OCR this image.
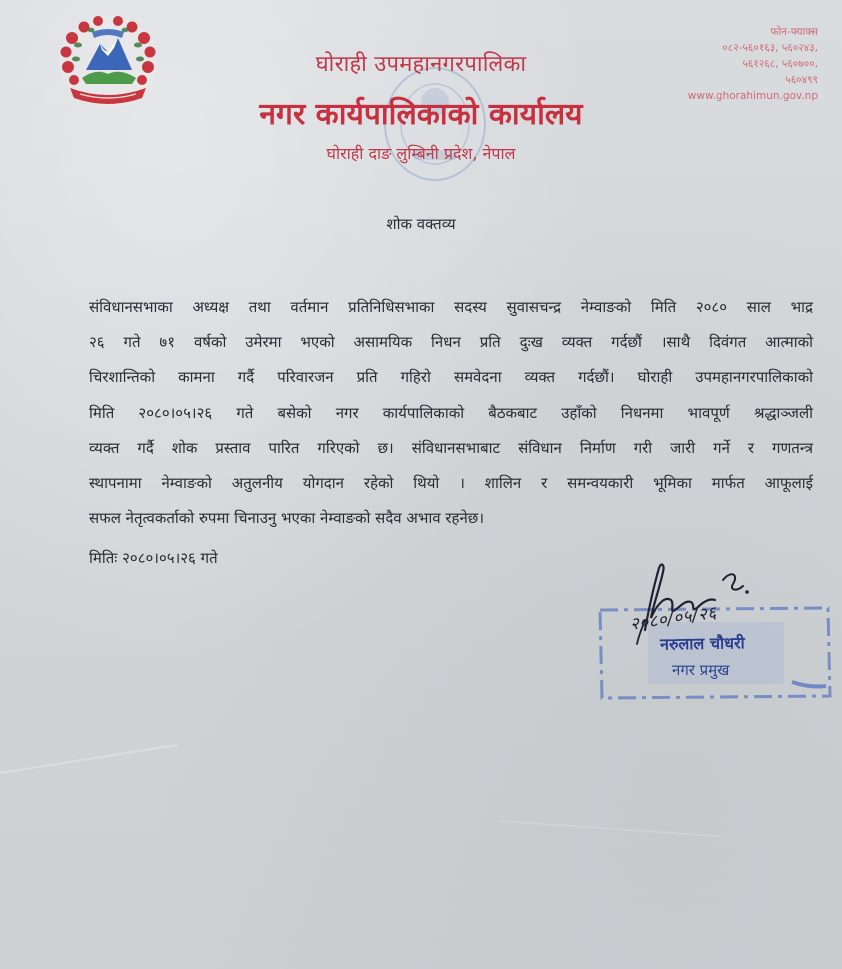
घोराही उपमहानगरपालिका
नगर कार्यपालिकाको कार्यालय
घोराही दाङ लुम्बिनी प्रदेश, नेपाल
फोन-फ्याक्स
०८२-५६०१६३, ५६०२४३,
५६१२६८, ५६०७००,
५६०४९९
www.ghorahimun.gov.np
शोक वक्तव्य
संविधानसभाका अध्यक्ष तथा वर्तमान प्रतिनिधिसभाका सदस्य सुवासचन्द्र नेम्वाङको मिति २०८० साल भाद्र
२६ गते ७१ वर्षको उमेरमा भएको असामयिक निधन प्रति दुःख व्यक्त गर्दछौं ।साथै दिवंगत आत्माको
चिरशान्तिको कामना गर्दै परिवारजन प्रति गहिरो समवेदना व्यक्त गर्दछौं। घोराही उपमहानगरपालिकाको
मिति २०८०।०५।२६ गते बसेको नगर कार्यपालिकाको बैठकबाट उहाँको निधनमा भावपूर्ण श्रद्धाञ्जली
व्यक्त गर्दै शोक प्रस्ताव पारित गरिएको छ। संविधानसभाबाट संविधान निर्माण गरी जारी गर्ने र गणतन्त्र
स्थापनामा नेम्वाङको अतुलनीय योगदान रहेको थियो । शालिन र समन्वयकारी भूमिका मार्फत आफूलाई
सफल नेतृत्वकर्ताको रुपमा चिनाउनु भएका नेम्वाङको सदैव अभाव रहनेछ।
मितिः २०८०।०५।२६ गते
२०८०/०५/२६
नरुलाल चौधरी
नगर प्रमुख
